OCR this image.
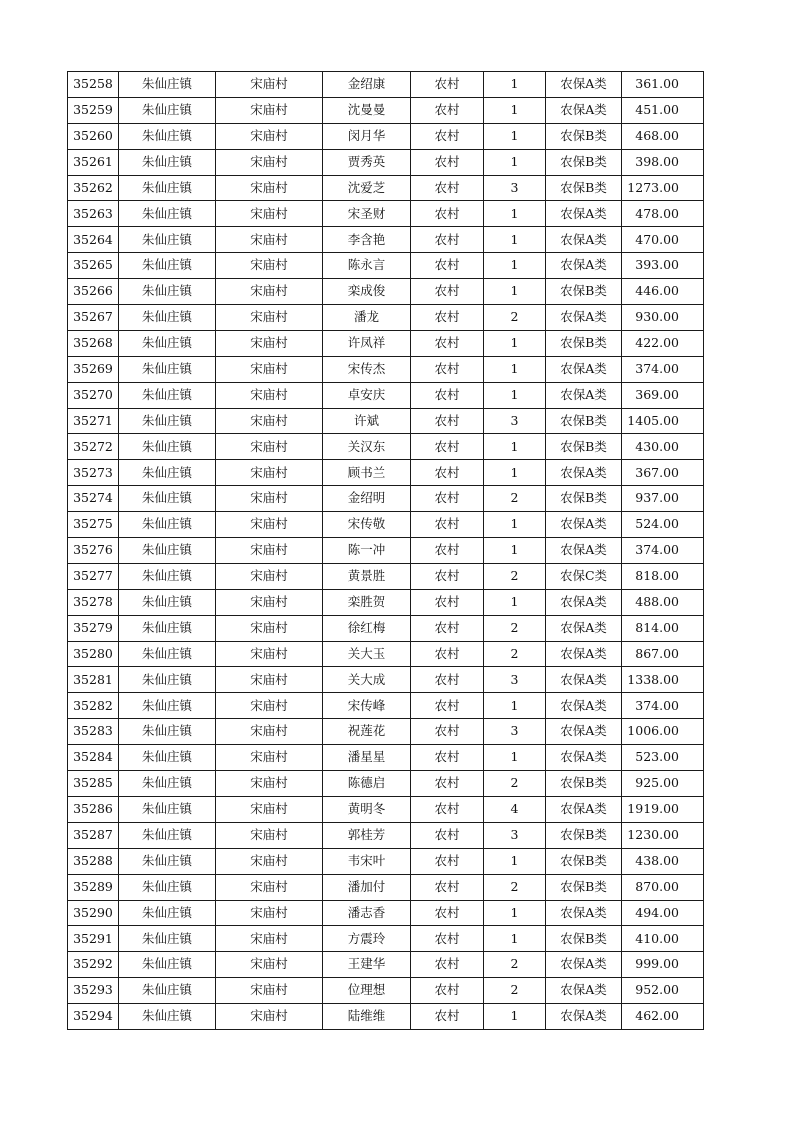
35258	朱仙庄镇	宋庙村	金绍康	农村	1	农保A类	361.00
35259	朱仙庄镇	宋庙村	沈曼曼	农村	1	农保A类	451.00
35260	朱仙庄镇	宋庙村	闵月华	农村	1	农保B类	468.00
35261	朱仙庄镇	宋庙村	贾秀英	农村	1	农保B类	398.00
35262	朱仙庄镇	宋庙村	沈爱芝	农村	3	农保B类	1273.00
35263	朱仙庄镇	宋庙村	宋圣财	农村	1	农保A类	478.00
35264	朱仙庄镇	宋庙村	李含艳	农村	1	农保A类	470.00
35265	朱仙庄镇	宋庙村	陈永言	农村	1	农保A类	393.00
35266	朱仙庄镇	宋庙村	栾成俊	农村	1	农保B类	446.00
35267	朱仙庄镇	宋庙村	潘龙	农村	2	农保A类	930.00
35268	朱仙庄镇	宋庙村	许凤祥	农村	1	农保B类	422.00
35269	朱仙庄镇	宋庙村	宋传杰	农村	1	农保A类	374.00
35270	朱仙庄镇	宋庙村	卓安庆	农村	1	农保A类	369.00
35271	朱仙庄镇	宋庙村	许斌	农村	3	农保B类	1405.00
35272	朱仙庄镇	宋庙村	关汉东	农村	1	农保B类	430.00
35273	朱仙庄镇	宋庙村	顾书兰	农村	1	农保A类	367.00
35274	朱仙庄镇	宋庙村	金绍明	农村	2	农保B类	937.00
35275	朱仙庄镇	宋庙村	宋传敬	农村	1	农保A类	524.00
35276	朱仙庄镇	宋庙村	陈一冲	农村	1	农保A类	374.00
35277	朱仙庄镇	宋庙村	黄景胜	农村	2	农保C类	818.00
35278	朱仙庄镇	宋庙村	栾胜贺	农村	1	农保A类	488.00
35279	朱仙庄镇	宋庙村	徐红梅	农村	2	农保A类	814.00
35280	朱仙庄镇	宋庙村	关大玉	农村	2	农保A类	867.00
35281	朱仙庄镇	宋庙村	关大成	农村	3	农保A类	1338.00
35282	朱仙庄镇	宋庙村	宋传峰	农村	1	农保A类	374.00
35283	朱仙庄镇	宋庙村	祝莲花	农村	3	农保A类	1006.00
35284	朱仙庄镇	宋庙村	潘星星	农村	1	农保A类	523.00
35285	朱仙庄镇	宋庙村	陈德启	农村	2	农保B类	925.00
35286	朱仙庄镇	宋庙村	黄明冬	农村	4	农保A类	1919.00
35287	朱仙庄镇	宋庙村	郭桂芳	农村	3	农保B类	1230.00
35288	朱仙庄镇	宋庙村	韦宋叶	农村	1	农保B类	438.00
35289	朱仙庄镇	宋庙村	潘加付	农村	2	农保B类	870.00
35290	朱仙庄镇	宋庙村	潘志香	农村	1	农保A类	494.00
35291	朱仙庄镇	宋庙村	方震玲	农村	1	农保B类	410.00
35292	朱仙庄镇	宋庙村	王建华	农村	2	农保A类	999.00
35293	朱仙庄镇	宋庙村	位理想	农村	2	农保A类	952.00
35294	朱仙庄镇	宋庙村	陆维维	农村	1	农保A类	462.00
